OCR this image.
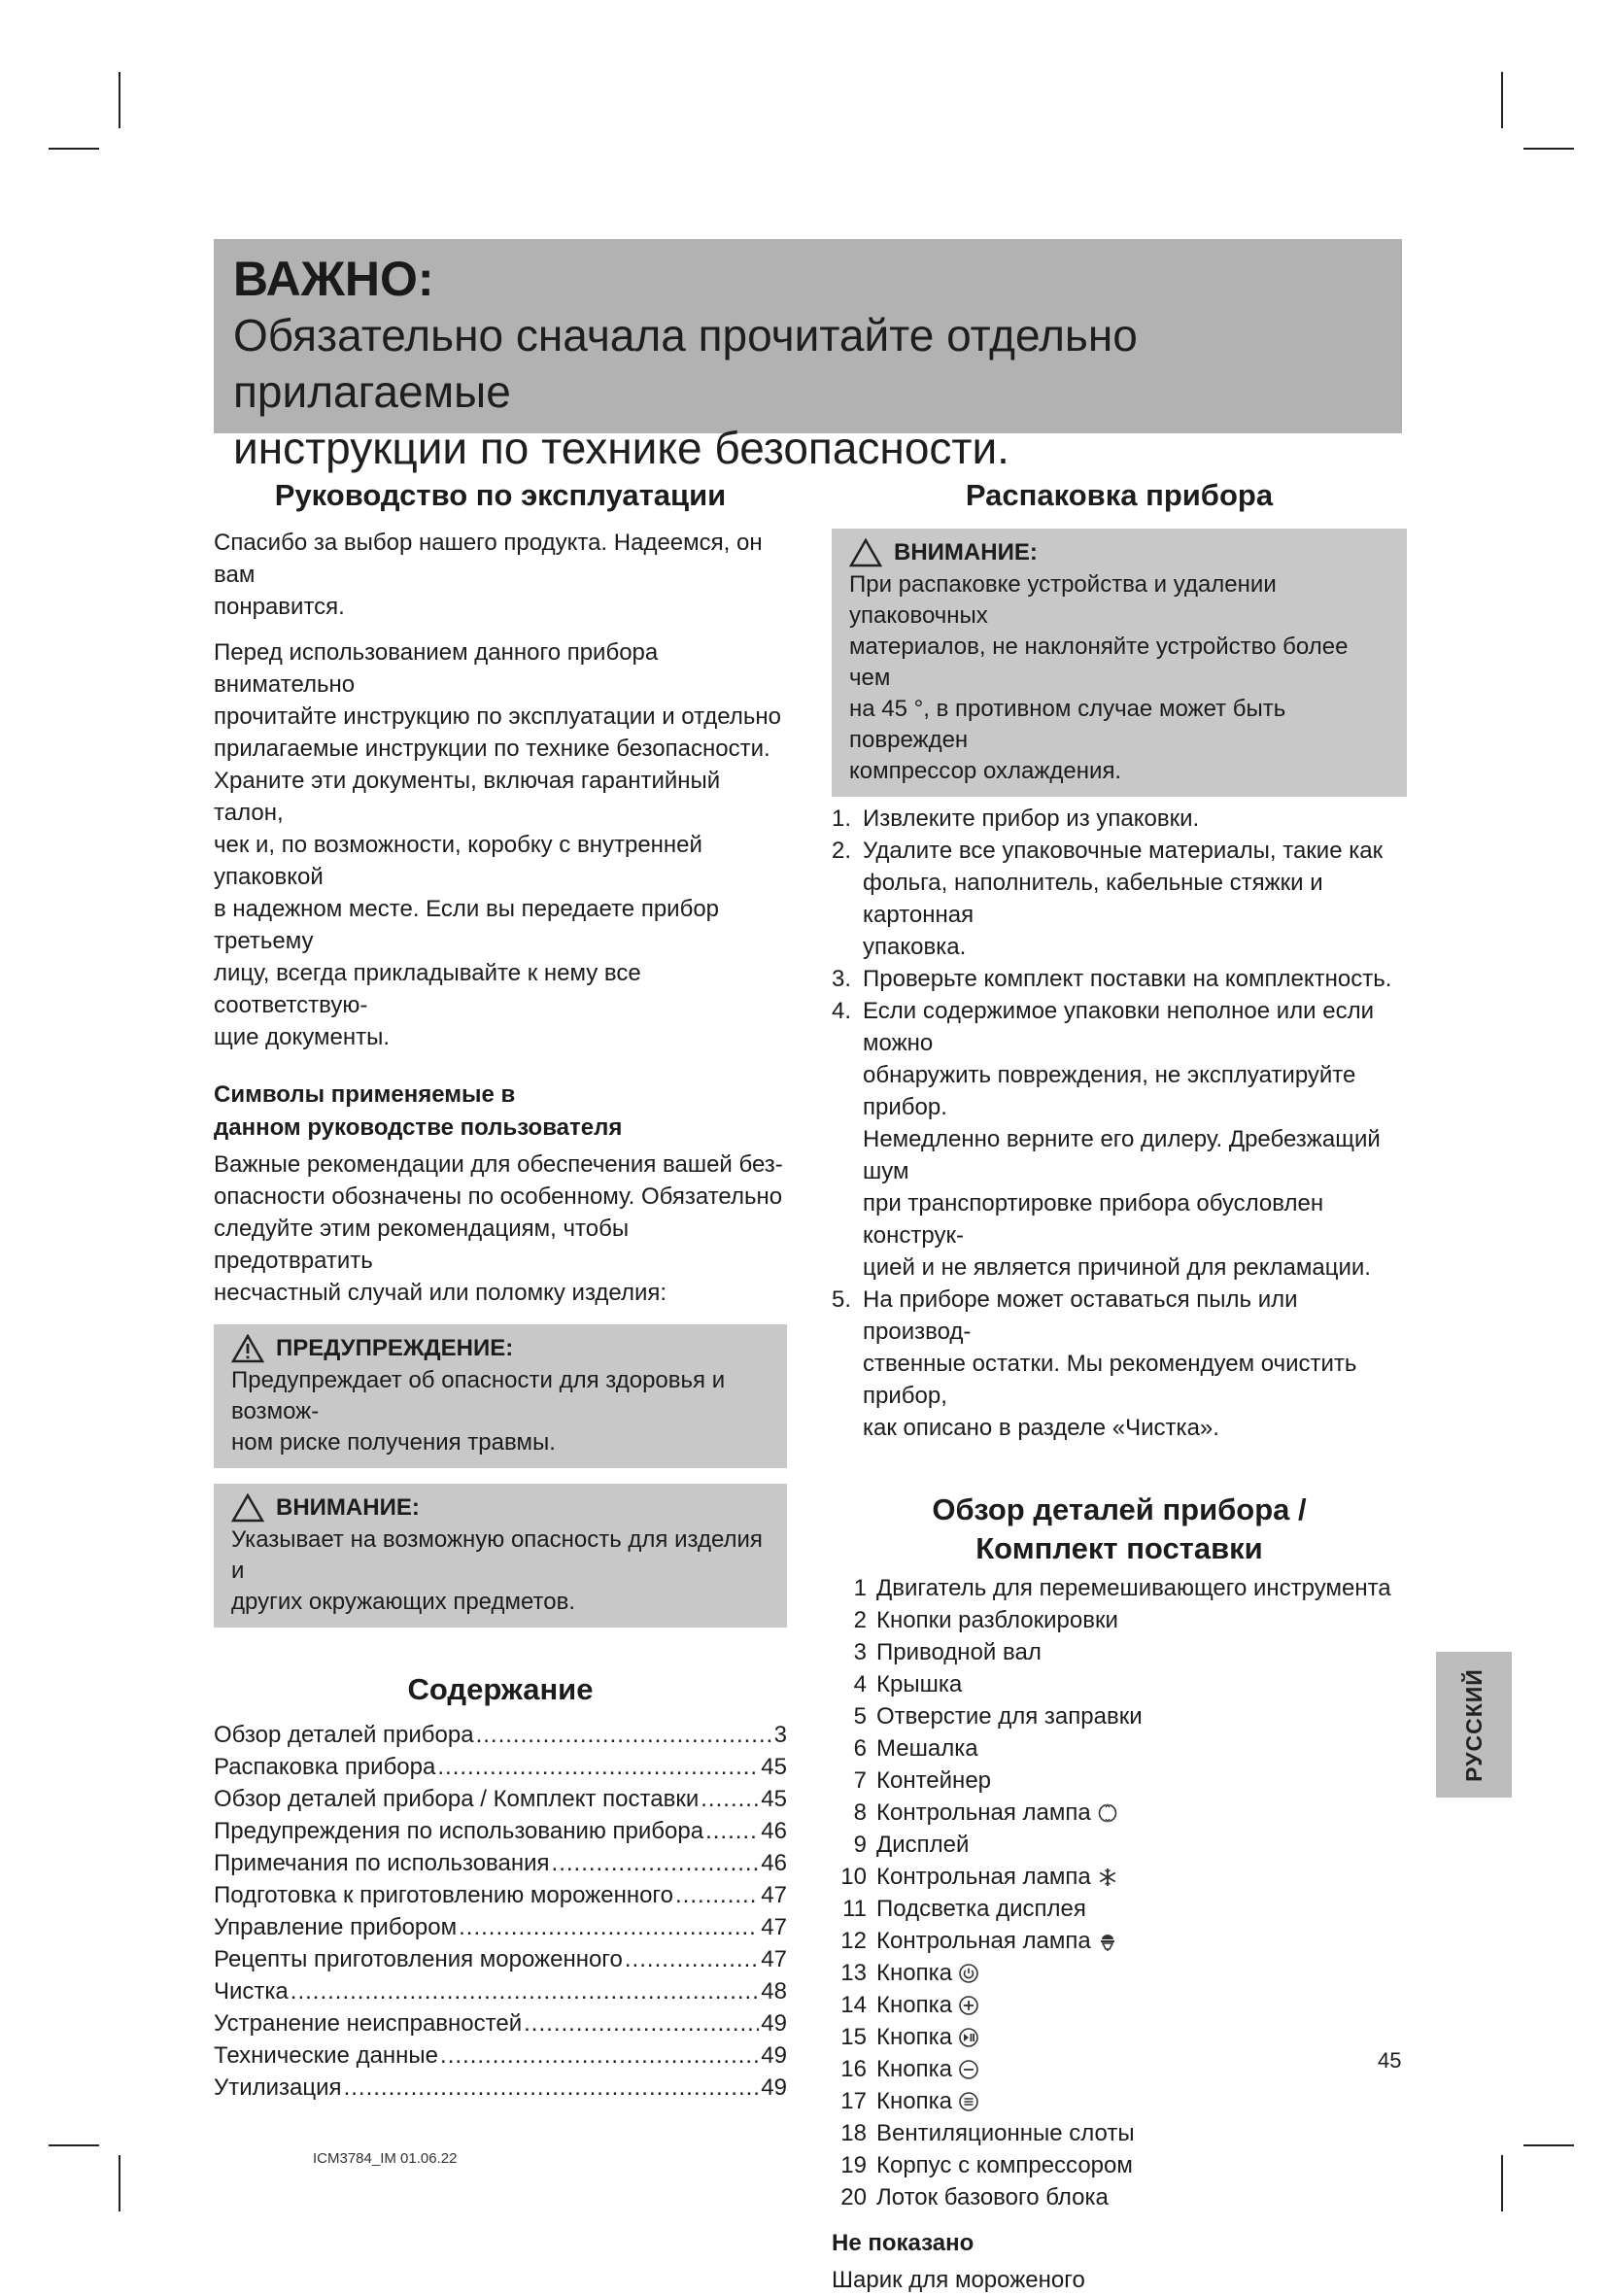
ВАЖНО:
Обязательно сначала прочитайте отдельно прилагаемые
инструкции по технике безопасности.
Руководство по эксплуатации

Спасибо за выбор нашего продукта. Надеемся, он вам
понравится.

Перед использованием данного прибора внимательно
прочитайте инструкцию по эксплуатации и отдельно
прилагаемые инструкции по технике безопасности.
Храните эти документы, включая гарантийный талон,
чек и, по возможности, коробку с внутренней упаковкой
в надежном месте. Если вы передаете прибор третьему
лицу, всегда прикладывайте к нему все соответствую-
щие документы.

Символы применяемые в
данном руководстве пользователя

Важные рекомендации для обеспечения вашей без-
опасности обозначены по особенному. Обязательно
следуйте этим рекомендациям, чтобы предотвратить
несчастный случай или поломку изделия:

ПРЕДУПРЕЖДЕНИЕ:
Предупреждает об опасности для здоровья и возмож-
ном риске получения травмы.
ВНИМАНИЕ:
Указывает на возможную опасность для изделия и
других окружающих предметов.
Содержание
Обзор деталей прибора .....	3
Распаковка прибора .....	45
Обзор деталей прибора / Комплект поставки .....	45
Предупреждения по использованию прибора ..... 46
Примечания по использования .....	46
Подготовка к приготовлению мороженного .....	47
Управление прибором .....	47
Рецепты приготовления мороженного .....	47
Чистка .....	48
Устранение неисправностей .....	49
Технические данные .....	49
Утилизация .....	49
Распаковка прибора
ВНИМАНИЕ:
При распаковке устройства и удалении упаковочных
материалов, не наклоняйте устройство более чем
на 45 °, в противном случае может быть поврежден
компрессор охлаждения.
1. Извлеките прибор из упаковки.
2. Удалите все упаковочные материалы, такие как
фольга, наполнитель, кабельные стяжки и картонная
упаковка.
3. Проверьте комплект поставки на комплектность.
4. Если содержимое упаковки неполное или если можно
обнаружить повреждения, не эксплуатируйте прибор.
Немедленно верните его дилеру. Дребезжащий шум
при транспортировке прибора обусловлен конструк-
цией и не является причиной для рекламации.
5. На приборе может оставаться пыль или производ-
ственные остатки. Мы рекомендуем очистить прибор,
как описано в разделе «Чистка».
Обзор деталей прибора /
Комплект поставки
1 Двигатель для перемешивающего инструмента
2 Кнопки разблокировки
3 Приводной вал
4 Крышка
5 Отверстие для заправки
6 Мешалка
7 Контейнер
8 Контрольная лампа
9 Дисплей
10 Контрольная лампа
11 Подсветка дисплея
12 Контрольная лампа
13 Кнопка
14 Кнопка
15 Кнопка
16 Кнопка
17 Кнопка
18 Вентиляционные слоты
19 Корпус с компрессором
20 Лоток базового блока
Не показано

Шарик для мороженого

РУССКИЙ
45
ICM3784_IM 01.06.22
